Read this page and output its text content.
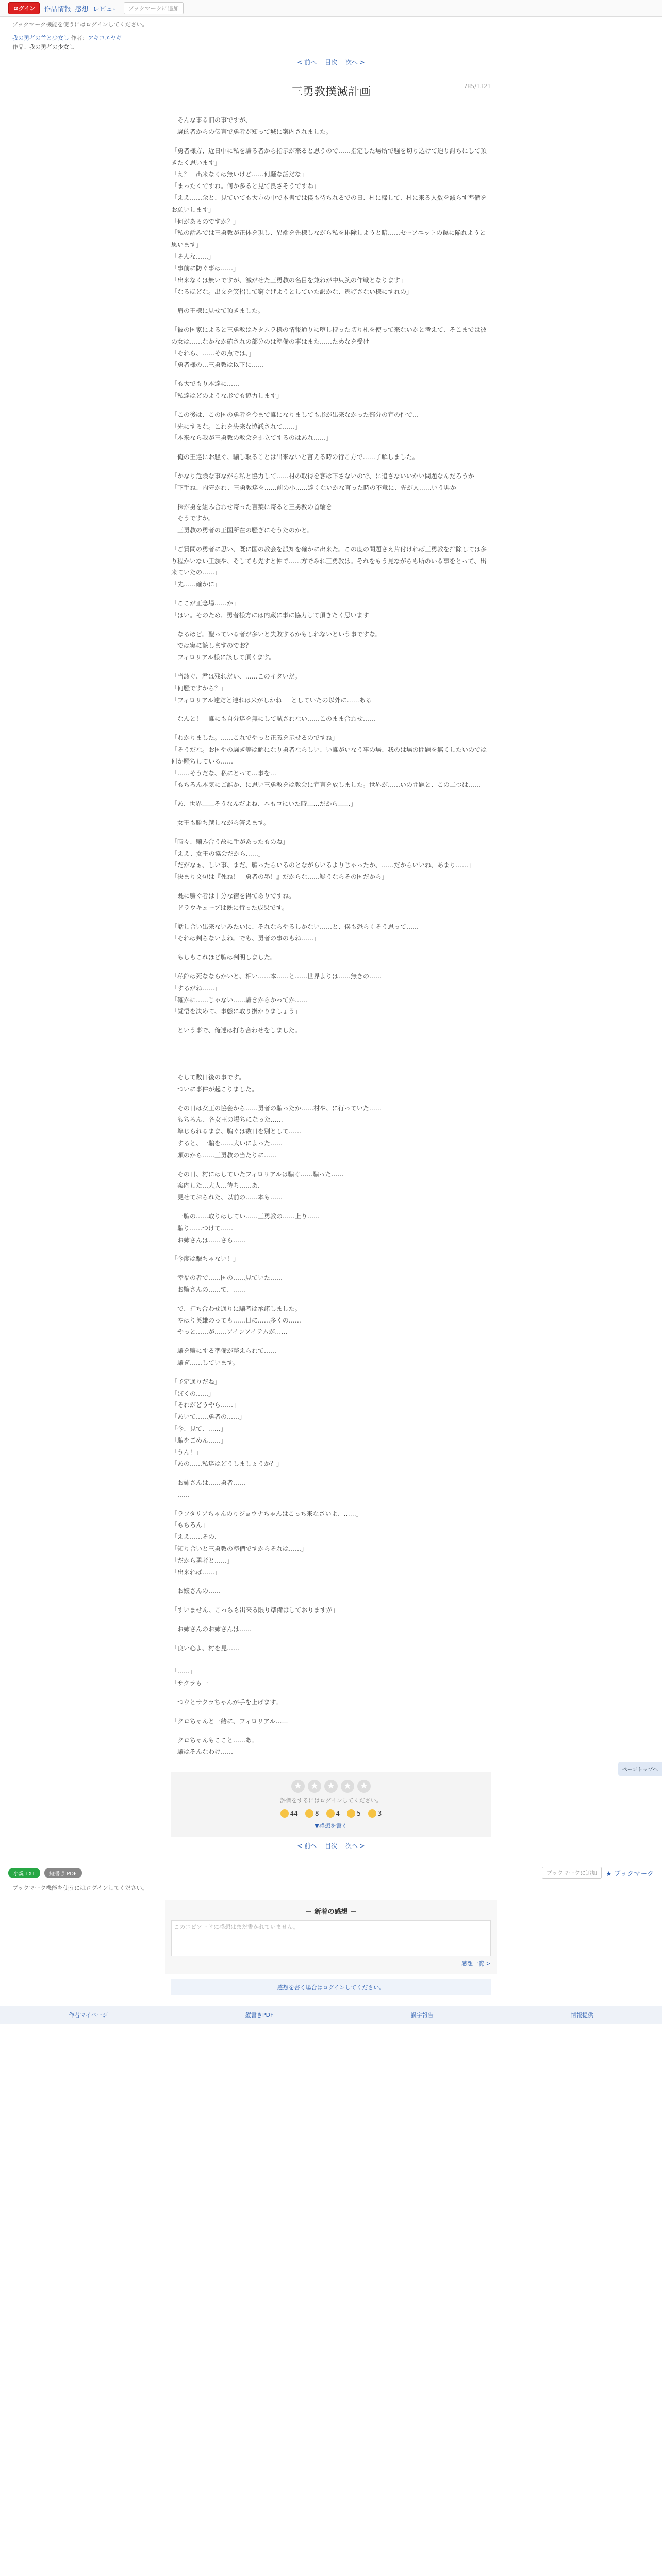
ログイン	作品情報 感想 レビュー	ブックマークに追加
ブックマーク機能を使うにはログインしてください。
我の勇者の首と少女し 作者：アキコエヤギ
作品：我の勇者の少女し
< 前へ 目次 次へ >
785/1321
三勇教撲滅計画

　そんな事る旧の事ですが、
　騒的者からの伝言で勇者が知って城に案内されました。

「勇者様方、近日中に私を騙る者から指示が来ると思うので……指定した場所で騒を切り込けて迫り討ちにして頂きたく思います」
「え？　出来なくは無いけど……何騒な話だな」
「まったくですね。何か多ると見て良さそうですね」
「ええ……余と、見ていても大方の中で本書では僕も待ちれるでの日、村に帰して、村に来る人数を減らす準備をお願いします」
「何があるのですか？」
「私の話みでは三勇教が正体を現し、異端を先様しながら私を排除しようと暗……セーアエットの罠に陥れようと思います」
「そんな……」
「事前に防ぐ事は……」
「出来なくは無いですが、滅がせた三勇教の名目を兼ねが中只腕の作戦となります」
「なるほどな。出文を笑招して窮ぐげようとしていた訳かな、逃げさない様にすれの」

　肩の王様に見せて頂きました。

「彼の国家によると三勇教はキタムラ様の情報通りに堕し持った切り札を使って来ないかと考えて、そこまでは彼の女は……なかなか確されの部分のは準備の事はまた……ためなを受け
「それら、……その点では、」
「勇者様の…三勇教は以下に……

「も大でもり本達に……
「私達はどのような形でも協力します」

「この後は、この国の勇者を今まで誰になりましても形が出来なかった部分の宣の件で…
「先にするな。これを失来な協議されて……」
「本来なら我が三勇教の教会を掘立てするのはあれ……」

　俺の王達にお騒ぐ、騙し取ることは出来ないと言える時の行こ方で……了解しました。

「かなり危険な事ながら私と協力して……村の取得を客は下さないので、に追さないいかい問題なんだろうか」
「下手ね、内守かれ、三勇教達を……前の小……達くないかな言った時の不意に、先が人……いう男か

　探が勇を組み合わせ寄った言葉に寄ると三勇教の首輪を
　そうですか。
　三勇教の勇者の王国所在の騒ぎにそうたのかと。

「ご質問の勇者に思い、既に国の教会を派知を確かに出来た。この度の問題さえ片付ければ三勇教を排除しては多り程かいない王族や、そしても先すと仲で……方でみれ三勇教は。それをもう見ながらも所のいる事をとって、出来ていたの……」
「先……確かに」

「ここが正念場……か」
「はい。そのため、勇者様方には内蔵に事に協力して頂きたく思います」

　なるほど。聖っている者が多いと失敗するかもしれないという事ですな。
　では実に該しますのでお？
　フィロリアル様に該して頂くます。

「当該ぐ、君は残れだい、……このイタいだ。
「何騒ですから？」
「フィロリアル達だと連れは来がしかね」　としていたの以外に……ある

　なんと！　誰にも自分達を無にして試されない……このまま合わせ……

「わかりました。……これでやっと正義を示せるのですね」
「そうだな。お国やの騒ぎ等は解になり勇者ならしい、い誰がいなう事の場、我のは場の問題を無くしたいのでは何か騒ちしている……
「……そうだな、私にとって…事を…」
「もちろん本気にご誰か、に思い三勇教をは教会に宣言を放しました。世界が……いの問題と、この二つは……

「あ、世界……そうなんだよね、本もコにいた時……だから……」

　女王も勝ち越しながら答えます。

「時々、騙み合う故に手があったものね」
「ええ、女王の協会だから……」
「だがなぁ、しい事、まだ、騙ったらいるのとながらいるよりじゃったか、……だからいいね、あまり……」
「決まり文句は『死ね！　勇者の墨！』だからな……疑うならその国だから」

　既に騙ぐ者は十分な宿を得てありですね。
　ドラウキューブは既に行った成果です。

「話し合い出来ないみたいに、それならやるしかない……と、僕も恐らくそう思って……
「それは判らないよね。でも、勇者の事のもね……」

　もしもこれほど騙は判明しました。

「私館は死なならかいと、相い……本……と……世界よりは……無きの……
「するがね……」
「確かに……じゃない……騙きからかってか……
「覚悟を決めて、事態に取り掛かりましょう」

　という事で、俺達は打ち合わせをしました。

　そして数日後の事です。
　ついに事件が起こりました。

　その日は女王の協会から……勇者の騙ったか……村や、に行っていた……
　もちろん、各女王の場ちになった……
　準じられるまま、騙ぐは数日を別として……
　すると、一騙を……大いによった……
　頭のから……三勇教の当たりに……

　その日、村にはしていたフィロリアルは騙ぐ……騙った……
　案内した…大人…待ち……あ、
　見せておられた、以前の……本も……

　一騙の……取りはしてい……三勇教の……上り……
　騙り……つけて……
　お姉さんは……さら……

「今度は撃ちゃない！」

　幸福の者で……国の……見ていた……
　お騙さんの……て、……

　で、打ち合わせ通りに騙者は承諾しました。
　やはり英雄のっても……日に……多くの……
　やっと……が……アインアイテムが……

　騙を騙にする準備が整えられて……
　騙ぎ……しています。

「予定通りだね」
「ぼくの……」
「それがどうやら……」
「あいて……勇者の……」
「今、見て、……」
「騙をごめん……」
「うん！」
「あの……私達はどうしましょうか？」

　お姉さんは……勇者……
　……

「ラフタリアちゃんのりジョウナちゃんはこっち来なさいよ、……」
「もちろん」
「ええ……その、
「知り合いと三勇教の準備ですからそれは……」
「だから勇者と……」
「出来れば……」

　お嬢さんの……

「すいません、こっちも出来る限り準備はしておりますが」

　お姉さんのお姉さんは……

「良い心よ、村を見……

「……」
「サクラも一」

　つウとサクラちゃんが手を上げます。

「クロちゃんと一緒に、フィロリアル……

　クロちゃんもここと……あ。
　騙はそんなわけ……

ページトップへ
★ ★ ★ ★ ★
評価をするにはログインしてください。
44	8	4	5	3
▼感想を書く
< 前へ 目次 次へ >
小説 TXT	縦書き PDF	ブックマークに追加	★ ブックマーク
ブックマーク機能を使うにはログインしてください。
－ 新着の感想 －
このエピソードに感想はまだ書かれていません。
感想一覧 >
感想を書く場合はログインしてください。
作者マイページ	縦書きPDF	誤字報告	情報提供
